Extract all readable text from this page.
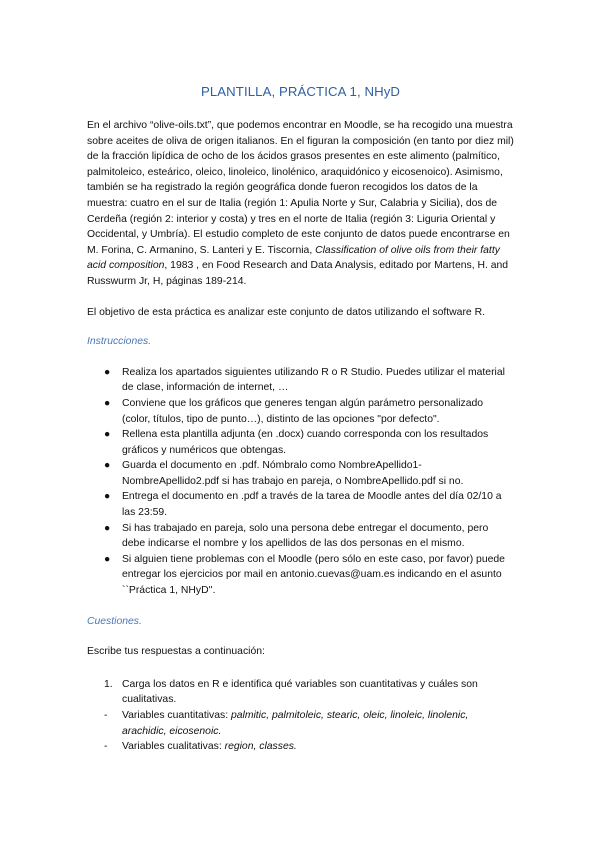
PLANTILLA, PRÁCTICA 1, NHyD

En el archivo “olive-oils.txt”, que podemos encontrar en Moodle, se ha recogido una muestra sobre aceites de oliva de origen italianos. En el figuran la composición (en tanto por diez mil) de la fracción lipídica de ocho de los ácidos grasos presentes en este alimento (palmítico, palmitoleico, esteárico, oleico, linoleico, linolénico, araquidónico y eicosenoico). Asimismo, también se ha registrado la región geográfica donde fueron recogidos los datos de la muestra: cuatro en el sur de Italia (región 1: Apulia Norte y Sur, Calabria y Sicilia), dos de Cerdeña (región 2: interior y costa) y tres en el norte de Italia (región 3: Liguria Oriental y Occidental, y Umbría). El estudio completo de este conjunto de datos puede encontrarse en M. Forina, C. Armanino, S. Lanteri y E. Tiscornia, Classification of olive oils from their fatty acid composition, 1983 , en Food Research and Data Analysis, editado por Martens, H. and Russwurm Jr, H, páginas 189-214.

El objetivo de esta práctica es analizar este conjunto de datos utilizando el software R.

Instrucciones.
● Realiza los apartados siguientes utilizando R o R Studio. Puedes utilizar el material de clase, información de internet, …
● Conviene que los gráficos que generes tengan algún parámetro personalizado (color, títulos, tipo de punto…), distinto de las opciones "por defecto".
● Rellena esta plantilla adjunta (en .docx) cuando corresponda con los resultados gráficos y numéricos que obtengas.
● Guarda el documento en .pdf. Nómbralo como NombreApellido1-NombreApellido2.pdf si has trabajo en pareja, o NombreApellido.pdf si no.
● Entrega el documento en .pdf a través de la tarea de Moodle antes del día 02/10 a las 23:59.
● Si has trabajado en pareja, solo una persona debe entregar el documento, pero debe indicarse el nombre y los apellidos de las dos personas en el mismo.
● Si alguien tiene problemas con el Moodle (pero sólo en este caso, por favor) puede entregar los ejercicios por mail en antonio.cuevas@uam.es indicando en el asunto ``Práctica 1, NHyD''.
Cuestiones.

Escribe tus respuestas a continuación:

1. Carga los datos en R e identifica qué variables son cuantitativas y cuáles son cualitativas.
- Variables cuantitativas: palmitic, palmitoleic, stearic, oleic, linoleic, linolenic, arachidic, eicosenoic.
- Variables cualitativas: region, classes.
